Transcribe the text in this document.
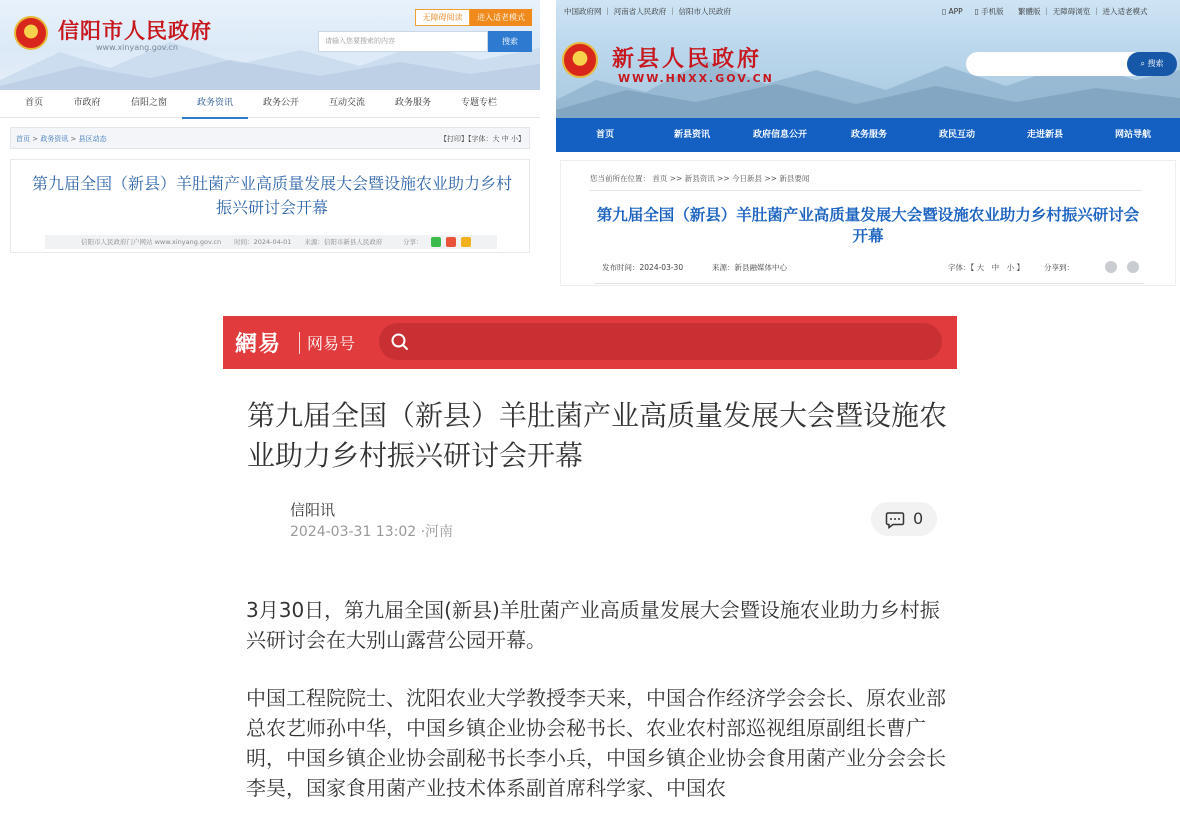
信阳市人民政府
www.xinyang.gov.cn
无障碍阅读	进入适老模式
请输入您要搜索的内容	搜索
首页	市政府	信阳之窗	政务资讯	政务公开	互动交流	政务服务	专题专栏
首页 > 政务资讯 > 县区动态	【打印】【字体：大 中 小】
第九届全国（新县）羊肚菌产业高质量发展大会暨设施农业助力乡村振兴研讨会开幕
信阳市人民政府门户网站 www.xinyang.gov.cn　　时间：2024-04-01　　来源：信阳市新县人民政府	分享：
中国政府网 ｜ 河南省人民政府 ｜ 信阳市人民政府	▯ APP ▯ 手机版 繁體版 ｜ 无障碍浏览 ｜ 进入适老模式
新县人民政府
WWW.HNXX.GOV.CN
⌕ 搜索
首页	新县资讯	政府信息公开	政务服务	政民互动	走进新县	网站导航
您当前所在位置： 首页 >> 新县资讯 >> 今日新县 >> 新县要闻
第九届全国（新县）羊肚菌产业高质量发展大会暨设施农业助力乡村振兴研讨会开幕
发布时间：2024-03-30	来源：新县融媒体中心	字体：【 大　中　小 】	分享到：
網易 网易号
第九届全国（新县）羊肚菌产业高质量发展大会暨设施农业助力乡村振兴研讨会开幕
信阳讯
2024-03-31 13:02 ·河南
0
3月30日，第九届全国(新县)羊肚菌产业高质量发展大会暨设施农业助力乡村振兴研讨会在大别山露营公园开幕。
中国工程院院士、沈阳农业大学教授李天来，中国合作经济学会会长、原农业部总农艺师孙中华，中国乡镇企业协会秘书长、农业农村部巡视组原副组长曹广明，中国乡镇企业协会副秘书长李小兵，中国乡镇企业协会食用菌产业分会会长李昊，国家食用菌产业技术体系副首席科学家、中国农
